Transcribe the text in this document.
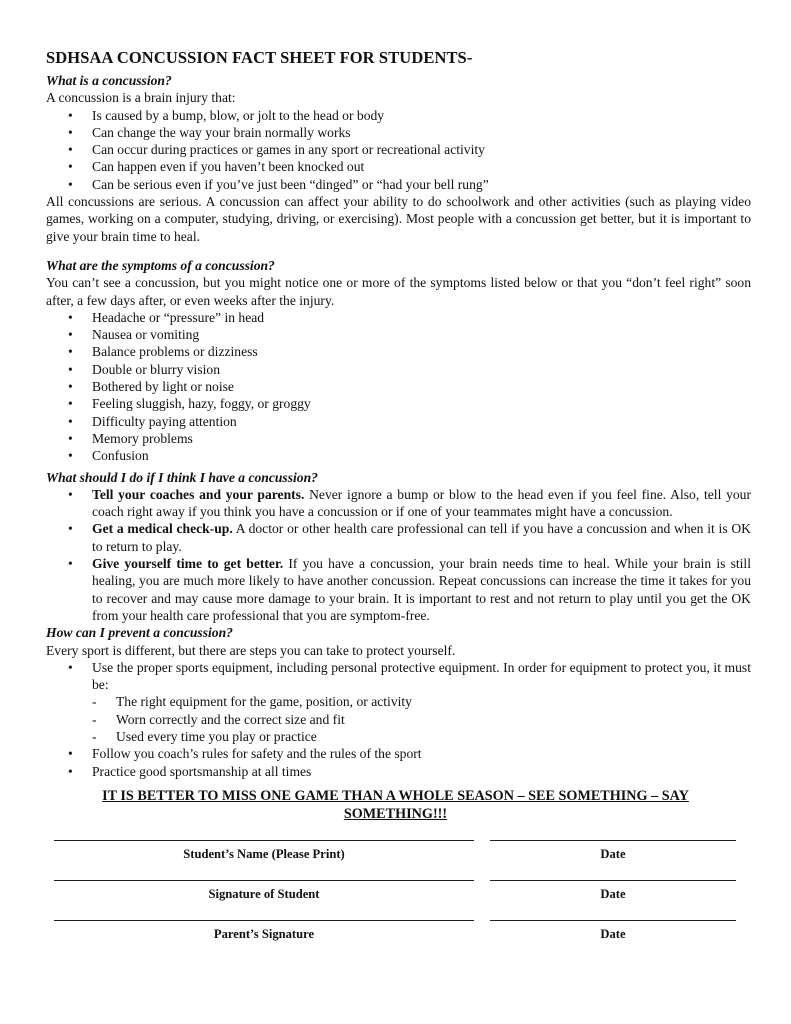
SDHSAA CONCUSSION FACT SHEET FOR STUDENTS-
What is a concussion?
A concussion is a brain injury that:
• Is caused by a bump, blow, or jolt to the head or body
• Can change the way your brain normally works
• Can occur during practices or games in any sport or recreational activity
• Can happen even if you haven’t been knocked out
• Can be serious even if you’ve just been “dinged” or “had your bell rung”
All concussions are serious. A concussion can affect your ability to do schoolwork and other activities (such as playing video games, working on a computer, studying, driving, or exercising). Most people with a concussion get better, but it is important to give your brain time to heal.
What are the symptoms of a concussion?
You can’t see a concussion, but you might notice one or more of the symptoms listed below or that you “don’t feel right” soon after, a few days after, or even weeks after the injury.
• Headache or “pressure” in head
• Nausea or vomiting
• Balance problems or dizziness
• Double or blurry vision
• Bothered by light or noise
• Feeling sluggish, hazy, foggy, or groggy
• Difficulty paying attention
• Memory problems
• Confusion
What should I do if I think I have a concussion?
• Tell your coaches and your parents. Never ignore a bump or blow to the head even if you feel fine. Also, tell your coach right away if you think you have a concussion or if one of your teammates might have a concussion.
• Get a medical check-up. A doctor or other health care professional can tell if you have a concussion and when it is OK to return to play.
• Give yourself time to get better. If you have a concussion, your brain needs time to heal. While your brain is still healing, you are much more likely to have another concussion. Repeat concussions can increase the time it takes for you to recover and may cause more damage to your brain. It is important to rest and not return to play until you get the OK from your health care professional that you are symptom-free.
How can I prevent a concussion?
Every sport is different, but there are steps you can take to protect yourself.
• Use the proper sports equipment, including personal protective equipment. In order for equipment to protect you, it must be:
- The right equipment for the game, position, or activity
- Worn correctly and the correct size and fit
- Used every time you play or practice
• Follow you coach’s rules for safety and the rules of the sport
• Practice good sportsmanship at all times
IT IS BETTER TO MISS ONE GAME THAN A WHOLE SEASON – SEE SOMETHING – SAY SOMETHING!!!
Student’s Name (Please Print)	Date
Signature of Student	Date
Parent’s Signature	Date
